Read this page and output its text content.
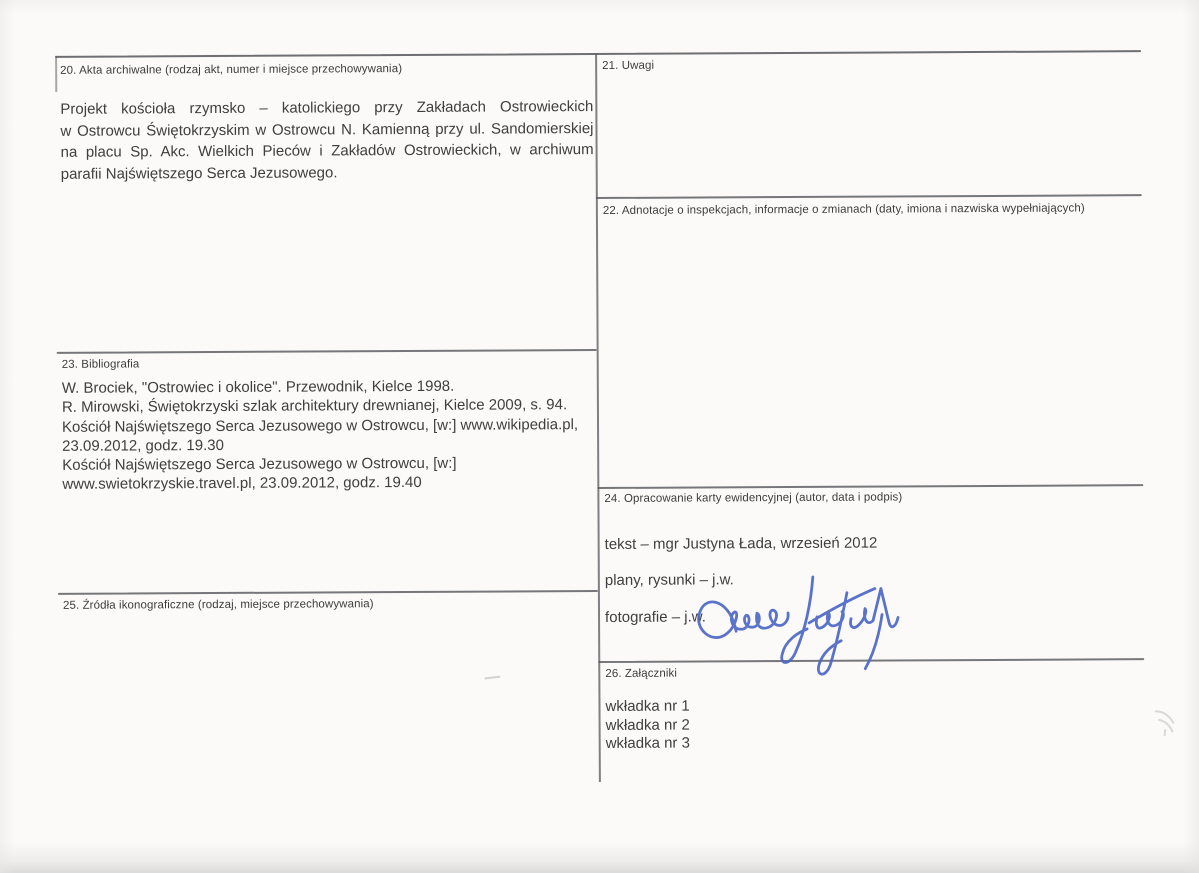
20. Akta archiwalne (rodzaj akt, numer i miejsce przechowywania)
Projekt kościoła rzymsko – katolickiego przy Zakładach Ostrowieckich
w Ostrowcu Świętokrzyskim w Ostrowcu N. Kamienną przy ul. Sandomierskiej
na placu Sp. Akc. Wielkich Pieców i Zakładów Ostrowieckich, w archiwum
parafii Najświętszego Serca Jezusowego.
21. Uwagi
22. Adnotacje o inspekcjach, informacje o zmianach (daty, imiona i nazwiska wypełniających)
23. Bibliografia
W. Brociek, "Ostrowiec i okolice". Przewodnik, Kielce 1998.
R. Mirowski, Świętokrzyski szlak architektury drewnianej, Kielce 2009, s. 94.
Kościół Najświętszego Serca Jezusowego w Ostrowcu, [w:] www.wikipedia.pl,
23.09.2012, godz. 19.30
Kościół Najświętszego Serca Jezusowego w Ostrowcu, [w:]
www.swietokrzyskie.travel.pl, 23.09.2012, godz. 19.40
24. Opracowanie karty ewidencyjnej (autor, data i podpis)
tekst – mgr Justyna Łada, wrzesień 2012
plany, rysunki – j.w.
fotografie – j.w.
25. Źródła ikonograficzne (rodzaj, miejsce przechowywania)
26. Załączniki
wkładka nr 1
wkładka nr 2
wkładka nr 3
